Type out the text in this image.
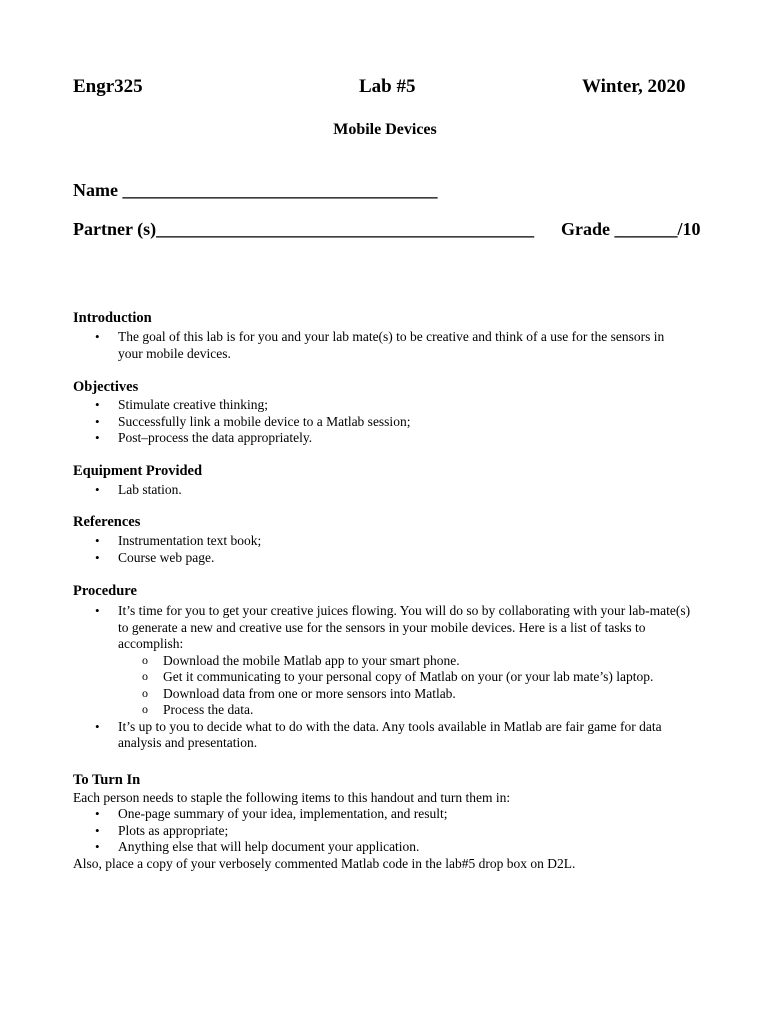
Engr325	Lab #5	Winter, 2020
Mobile Devices
Name ___________________________________
Partner (s)__________________________________________ Grade _______/10
Introduction
• The goal of this lab is for you and your lab mate(s) to be creative and think of a use for the sensors in your mobile devices.
Objectives
• Stimulate creative thinking;
• Successfully link a mobile device to a Matlab session;
• Post–process the data appropriately.
Equipment Provided
• Lab station.
References
• Instrumentation text book;
• Course web page.
Procedure
• It’s time for you to get your creative juices flowing. You will do so by collaborating with your lab-mate(s) to generate a new and creative use for the sensors in your mobile devices. Here is a list of tasks to accomplish:
o Download the mobile Matlab app to your smart phone.
o Get it communicating to your personal copy of Matlab on your (or your lab mate’s) laptop.
o Download data from one or more sensors into Matlab.
o Process the data.
• It’s up to you to decide what to do with the data. Any tools available in Matlab are fair game for data analysis and presentation.
To Turn In
Each person needs to staple the following items to this handout and turn them in:
• One-page summary of your idea, implementation, and result;
• Plots as appropriate;
• Anything else that will help document your application.
Also, place a copy of your verbosely commented Matlab code in the lab#5 drop box on D2L.
